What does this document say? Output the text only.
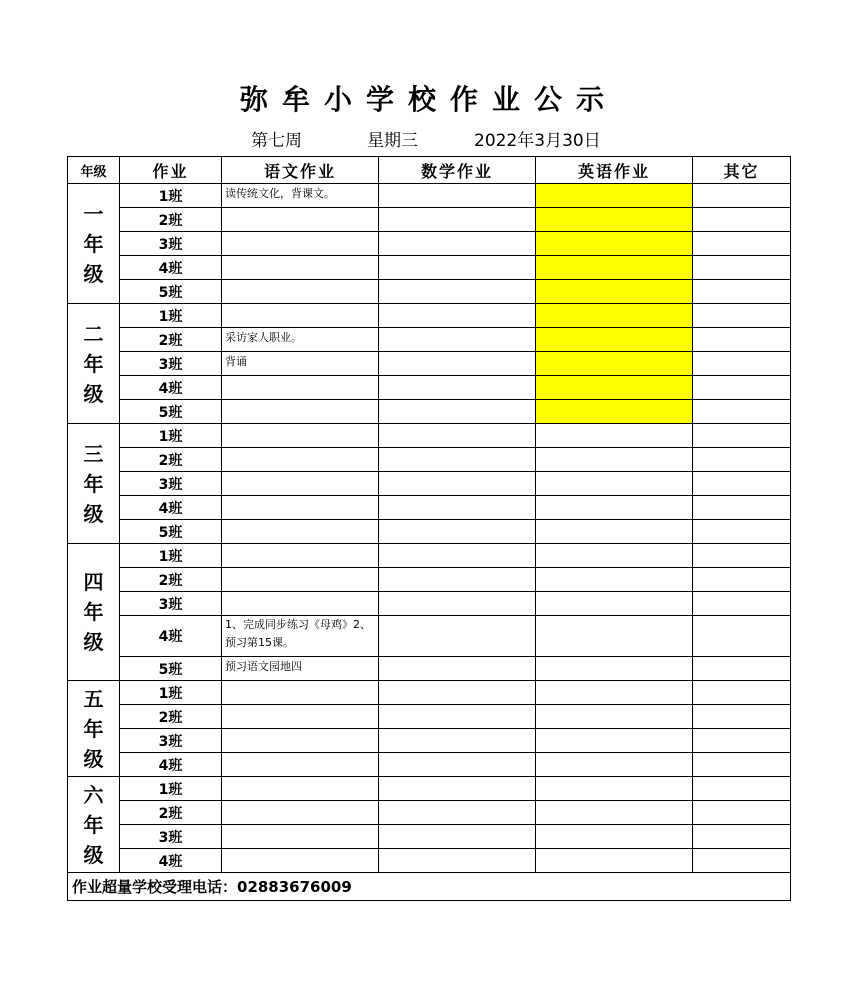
弥牟小学校作业公示
第七周	星期三	2022年3月30日
年级	作业	语文作业	数学作业	英语作业	其它

一
年
级	1班	读传统文化，背课文。			
	2班				
	3班				
	4班				
	5班				

二
年
级	1班				
	2班	采访家人职业。			
	3班	背诵			
	4班				
	5班				

三
年
级	1班				
	2班				
	3班				
	4班				
	5班				

四
年
级	1班				
	2班				
	3班				
	4班	1、完成同步练习《母鸡》2、预习第15课。			
	5班	预习语文园地四			

五
年
级	1班				
	2班				
	3班				
	4班				

六
年
级	1班				
	2班				
	3班				
	4班				
作业超量学校受理电话：02883676009					
